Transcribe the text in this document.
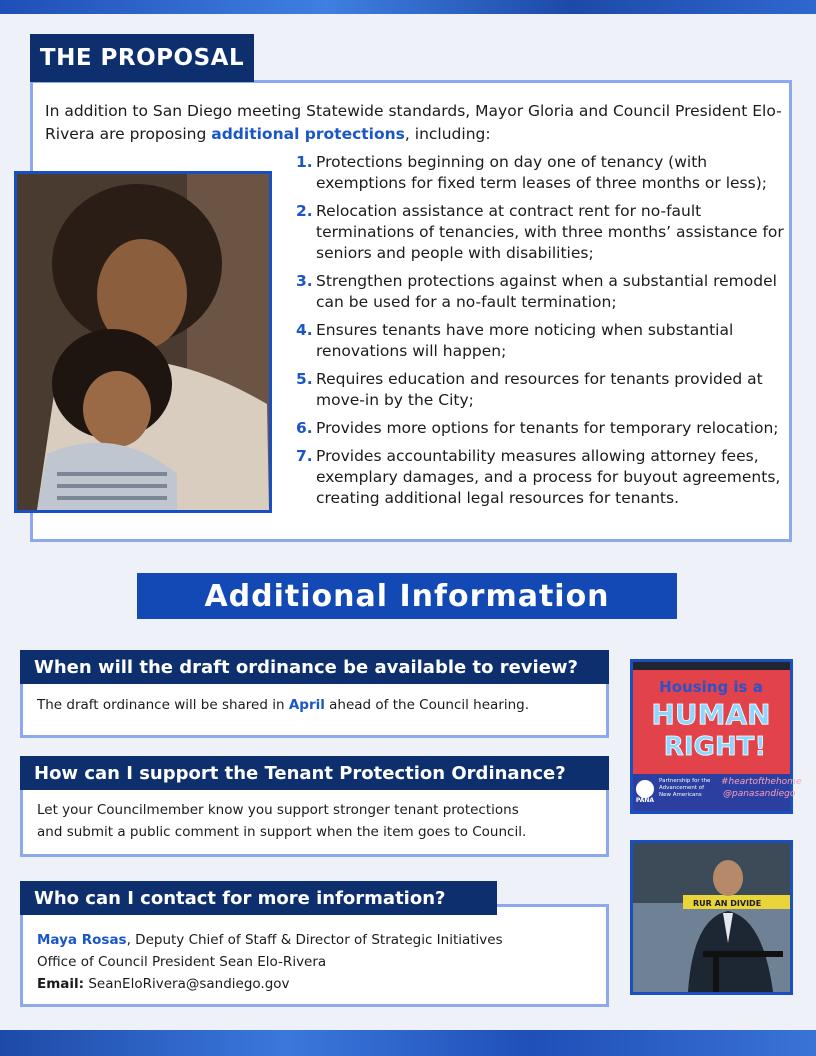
THE PROPOSAL
In addition to San Diego meeting Statewide standards, Mayor Gloria and Council President Elo-Rivera are proposing additional protections, including:
1. Protections beginning on day one of tenancy (with exemptions for fixed term leases of three months or less);
2. Relocation assistance at contract rent for no-fault terminations of tenancies, with three months’ assistance for seniors and people with disabilities;
3. Strengthen protections against when a substantial remodel can be used for a no-fault termination;
4. Ensures tenants have more noticing when substantial renovations will happen;
5. Requires education and resources for tenants provided at move-in by the City;
6. Provides more options for tenants for temporary relocation;
7. Provides accountability measures allowing attorney fees, exemplary damages, and a process for buyout agreements, creating additional legal resources for tenants.
Additional Information
When will the draft ordinance be available to review?
The draft ordinance will be shared in April ahead of the Council hearing.
How can I support the Tenant Protection Ordinance?
Let your Councilmember know you support stronger tenant protections
and submit a public comment in support when the item goes to Council.
Who can I contact for more information?
Maya Rosas, Deputy Chief of Staff & Director of Strategic Initiatives
Office of Council President Sean Elo-Rivera
Email: SeanEloRivera@sandiego.gov
Housing is a
HUMAN
RIGHT!
PANA
Partnership for the
Advancement of
New Americans
#heartofthehome
@panasandiego
RUR AN DIVIDE
